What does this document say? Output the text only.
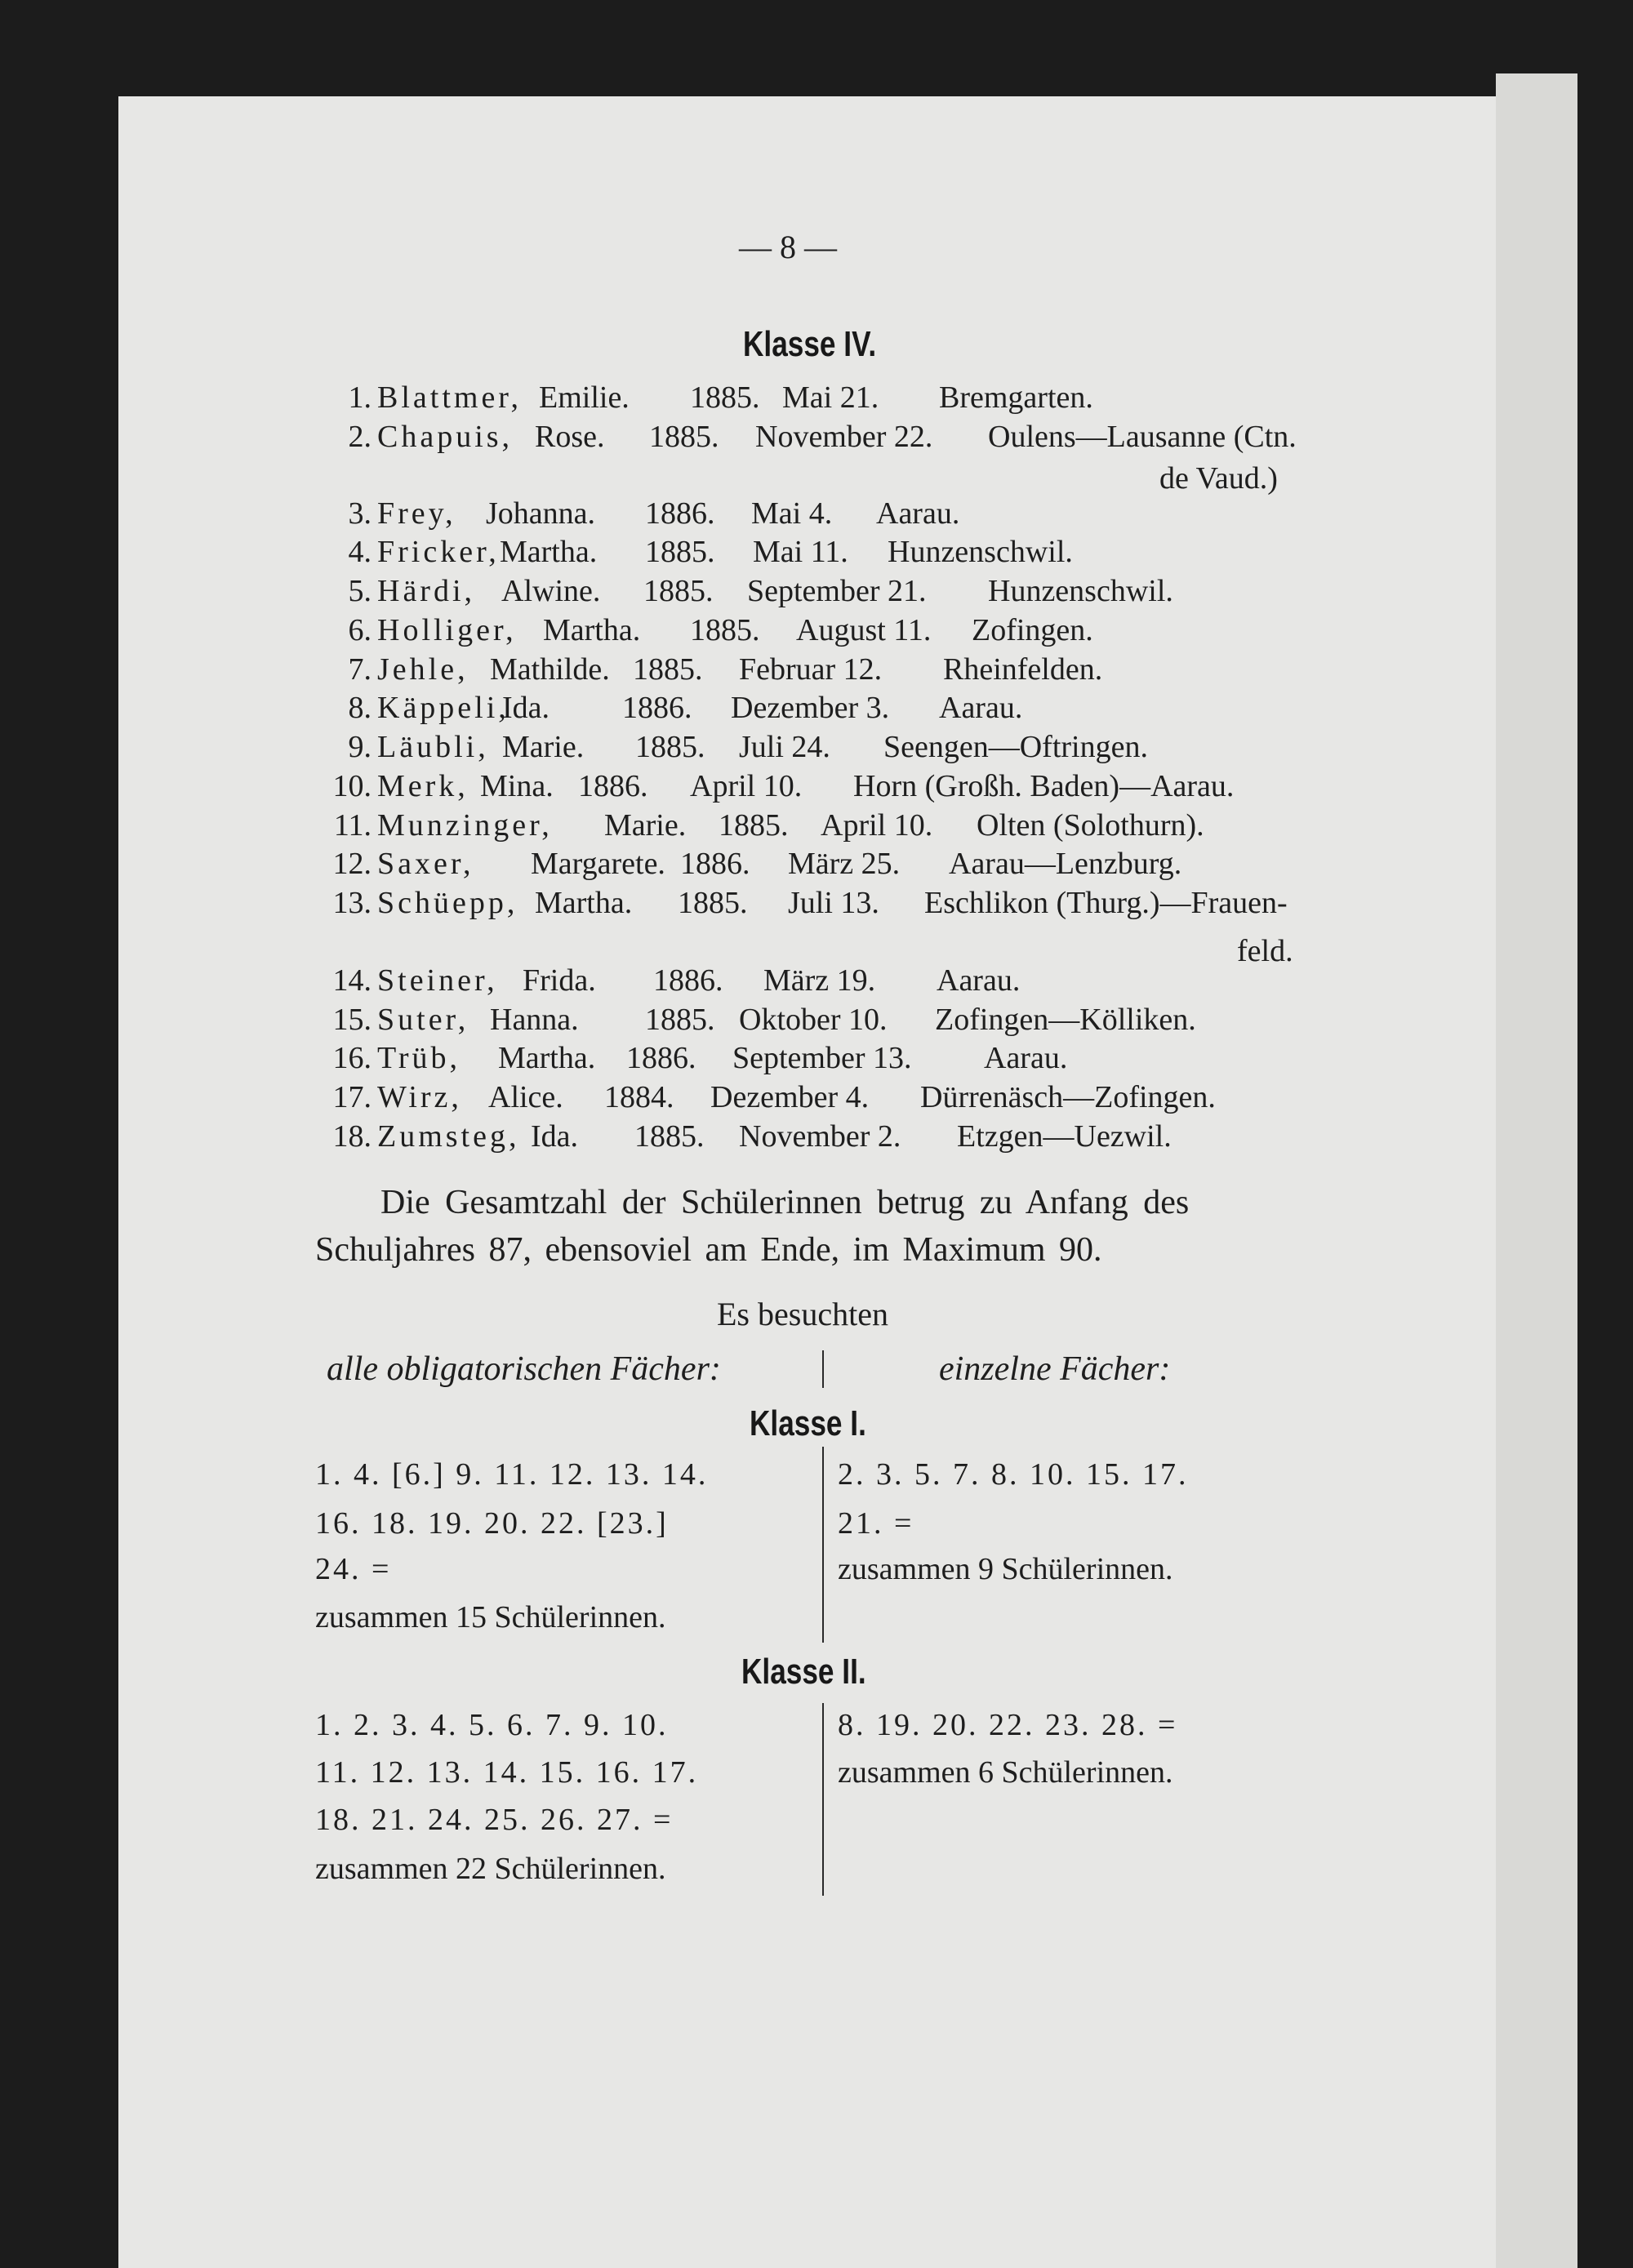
— 8 —
Klasse IV.
1. Blattmer, Emilie. 1885. Mai 21. Bremgarten.
2. Chapuis, Rose. 1885. November 22. Oulens—Lausanne (Ctn.
3. Frey, Johanna. 1886. Mai 4. Aarau.
4. Fricker, Martha. 1885. Mai 11. Hunzenschwil.
5. Härdi, Alwine. 1885. September 21. Hunzenschwil.
6. Holliger, Martha. 1885. August 11. Zofingen.
7. Jehle, Mathilde. 1885. Februar 12. Rheinfelden.
8. Käppeli,
Ida. 1886. Dezember 3. Aarau.
9. Läubli, Marie. 1885. Juli 24. Seengen—Oftringen.
10. Merk, Mina. 1886. April 10. Horn (Großh. Baden)—Aarau.
11. Munzinger, Marie. 1885. April 10. Olten (Solothurn).
12. Saxer, Margarete. 1886. März 25. Aarau—Lenzburg.
13. Schüepp, Martha. 1885. Juli 13. Eschlikon (Thurg.)—Frauen-
14. Steiner, Frida. 1886. März 19. Aarau.
15. Suter, Hanna. 1885. Oktober 10. Zofingen—Kölliken.
16. Trüb, Martha. 1886. September 13. Aarau.
17. Wirz, Alice. 1884. Dezember 4. Dürrenäsch—Zofingen.
18. Zumsteg, Ida. 1885. November 2. Etzgen—Uezwil.
de Vaud.)
feld.
Die Gesamtzahl der Schülerinnen betrug zu Anfang des
Schuljahres 87, ebensoviel am Ende, im Maximum 90.
Es besuchten
alle obligatorischen Fächer:	einzelne Fächer:
Klasse I.
1. 4. [6.] 9. 11. 12. 13. 14.
16. 18. 19. 20. 22. [23.]
24. =
zusammen 15 Schülerinnen.
2. 3. 5. 7. 8. 10. 15. 17.
21. =
zusammen 9 Schülerinnen.
Klasse II.
1. 2. 3. 4. 5. 6. 7. 9. 10.
11. 12. 13. 14. 15. 16. 17.
18. 21. 24. 25. 26. 27. =
zusammen 22 Schülerinnen.
8. 19. 20. 22. 23. 28. =
zusammen 6 Schülerinnen.
